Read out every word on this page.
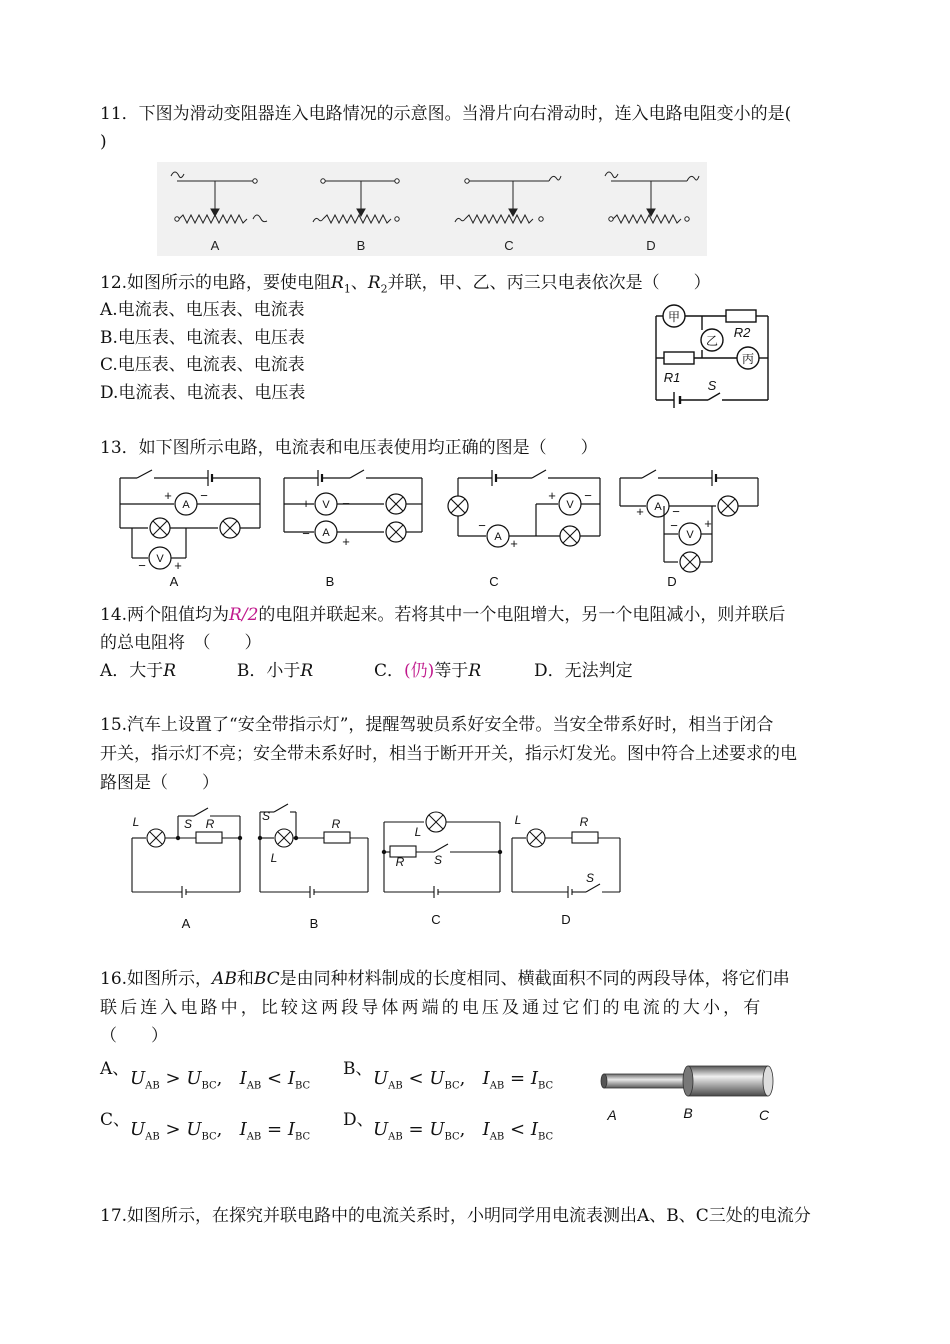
11．下图为滑动变阻器连入电路情况的示意图。当滑片向右滑动时，连入电路电阻变小的是(
)
A	B	C	D
12.如图所示的电路，要使电阻$R_1$、$R_2$并联，甲、乙、丙三只电表依次是（　　）
A.电流表、电压表、电流表
B.电压表、电流表、电压表
C.电压表、电流表、电流表
D.电流表、电流表、电压表
甲
乙
丙
R2
R1
S
13．如下图所示电路，电流表和电压表使用均正确的图是（　　）
A
V
V
A	A
V	A
V
+ −
− +
+ −
−
+
−
+
+ −
+ −
− +
A	B	C	D
14.两个阻值均为R/2的电阻并联起来。若将其中一个电阻增大，另一个电阻减小，则并联后
的总电阻将　（　　）
A．大于R	B．小于R	C．(仍)等于R	D．无法判定
15.汽车上设置了“安全带指示灯”，提醒驾驶员系好安全带。当安全带系好时，相当于闭合
开关，指示灯不亮；安全带未系好时，相当于断开开关，指示灯发光。图中符合上述要求的电
路图是（　　）
L	S R
S
L
R
L
R S
L	R
S
A	B	C	D
16.如图所示，AB和BC是由同种材料制成的长度相同、横截面积不同的两段导体，将它们串
联后连入电路中，比较这两段导体两端的电压及通过它们的电流的大小，有
（　　）
A、 $U_{AB} > U_{BC}$,   $I_{AB} < I_{BC}$
B、 $U_{AB} < U_{BC}$,   $I_{AB} = I_{BC}$
C、 $U_{AB} > U_{BC}$,   $I_{AB} = I_{BC}$
D、 $U_{AB} = U_{BC}$,   $I_{AB} < I_{BC}$
A	B	C
17.如图所示，在探究并联电路中的电流关系时，小明同学用电流表测出A、B、C三处的电流分
